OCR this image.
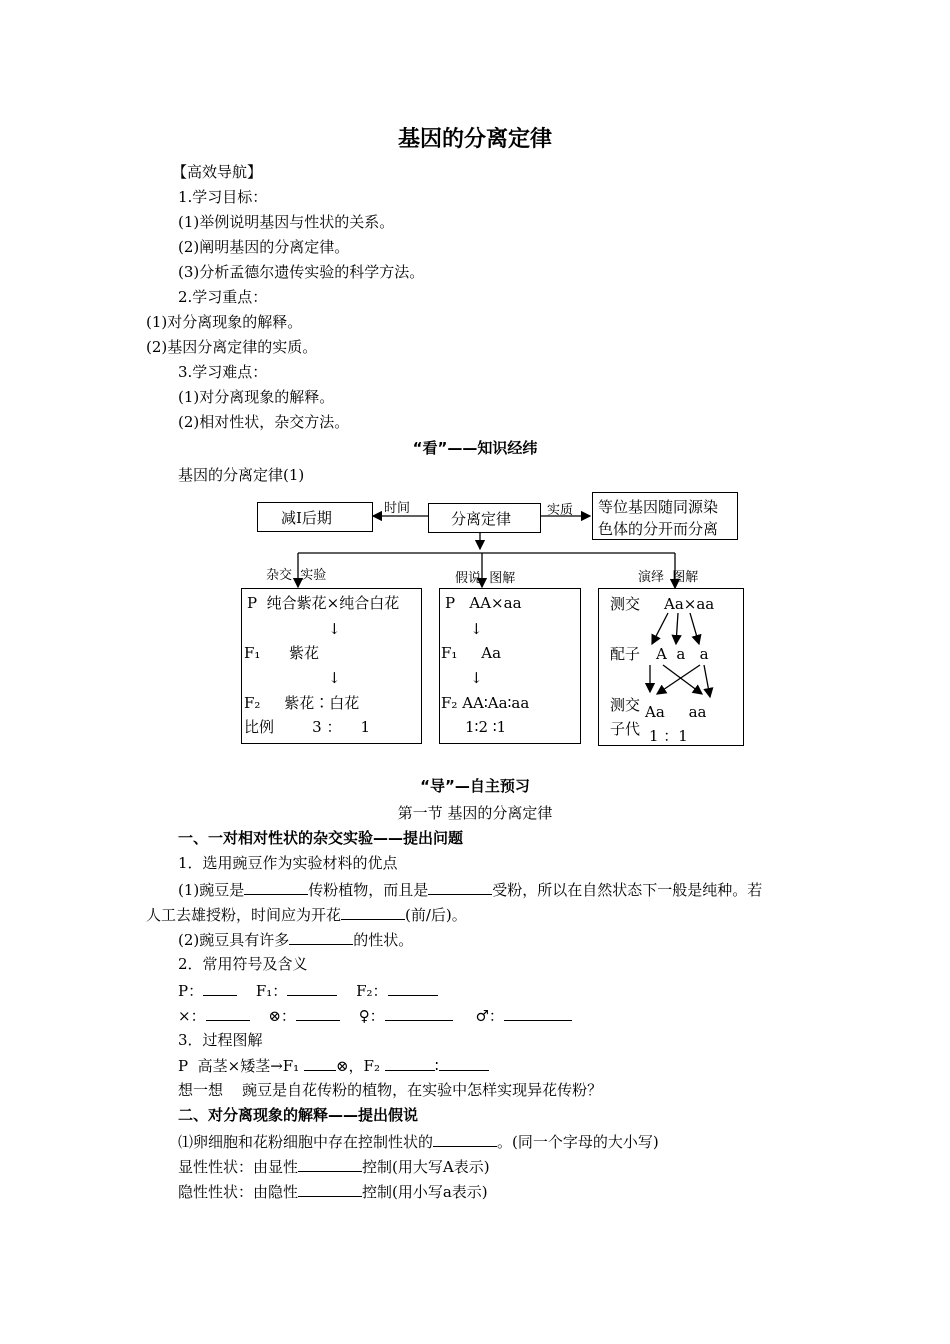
基因的分离定律
【高效导航】
1.学习目标：
(1)举例说明基因与性状的关系。
(2)阐明基因的分离定律。
(3)分析孟德尔遗传实验的科学方法。
2.学习重点：
(1)对分离现象的解释。
(2)基因分离定律的实质。
3.学习难点：
(1)对分离现象的解释。
(2)相对性状，杂交方法。
“看”——知识经纬
基因的分离定律(1)
减Ⅰ后期	分离定律
等位基因随同源染
色体的分开而分离
时间	实质
杂交  实验	假说  图解	演绎  图解
P  纯合紫花×纯合白花
↓
F₁      紫花
↓
F₂     紫花∶白花
比例        3 ：    1
P   AA×aa
↓
F₁     Aa
↓
F₂ AA∶Aa∶aa
1∶2 ∶1
测交 Aa×aa
配子 A  a   a
测交
子代
Aa     aa
1 ：1
“导”—自主预习
第一节 基因的分离定律
一、一对相对性状的杂交实验——提出问题
1．选用豌豆作为实验材料的优点
(1)豌豆是	传粉植物，而且是	受粉，所以在自然状态下一般是纯种。若
人工去雄授粉，时间应为开花	(前/后)。
(2)豌豆具有许多	的性状。
2．常用符号及含义
P：	F₁：	F₂：
×：	⊗：	♀：	♂：
3．过程图解
P  高茎×矮茎→F₁ ⊗，F₂	∶
想一想    豌豆是自花传粉的植物，在实验中怎样实现异花传粉？
二、对分离现象的解释——提出假说
⑴卵细胞和花粉细胞中存在控制性状的	。(同一个字母的大小写)
显性性状：由显性	控制(用大写A表示)
隐性性状：由隐性	控制(用小写a表示)
